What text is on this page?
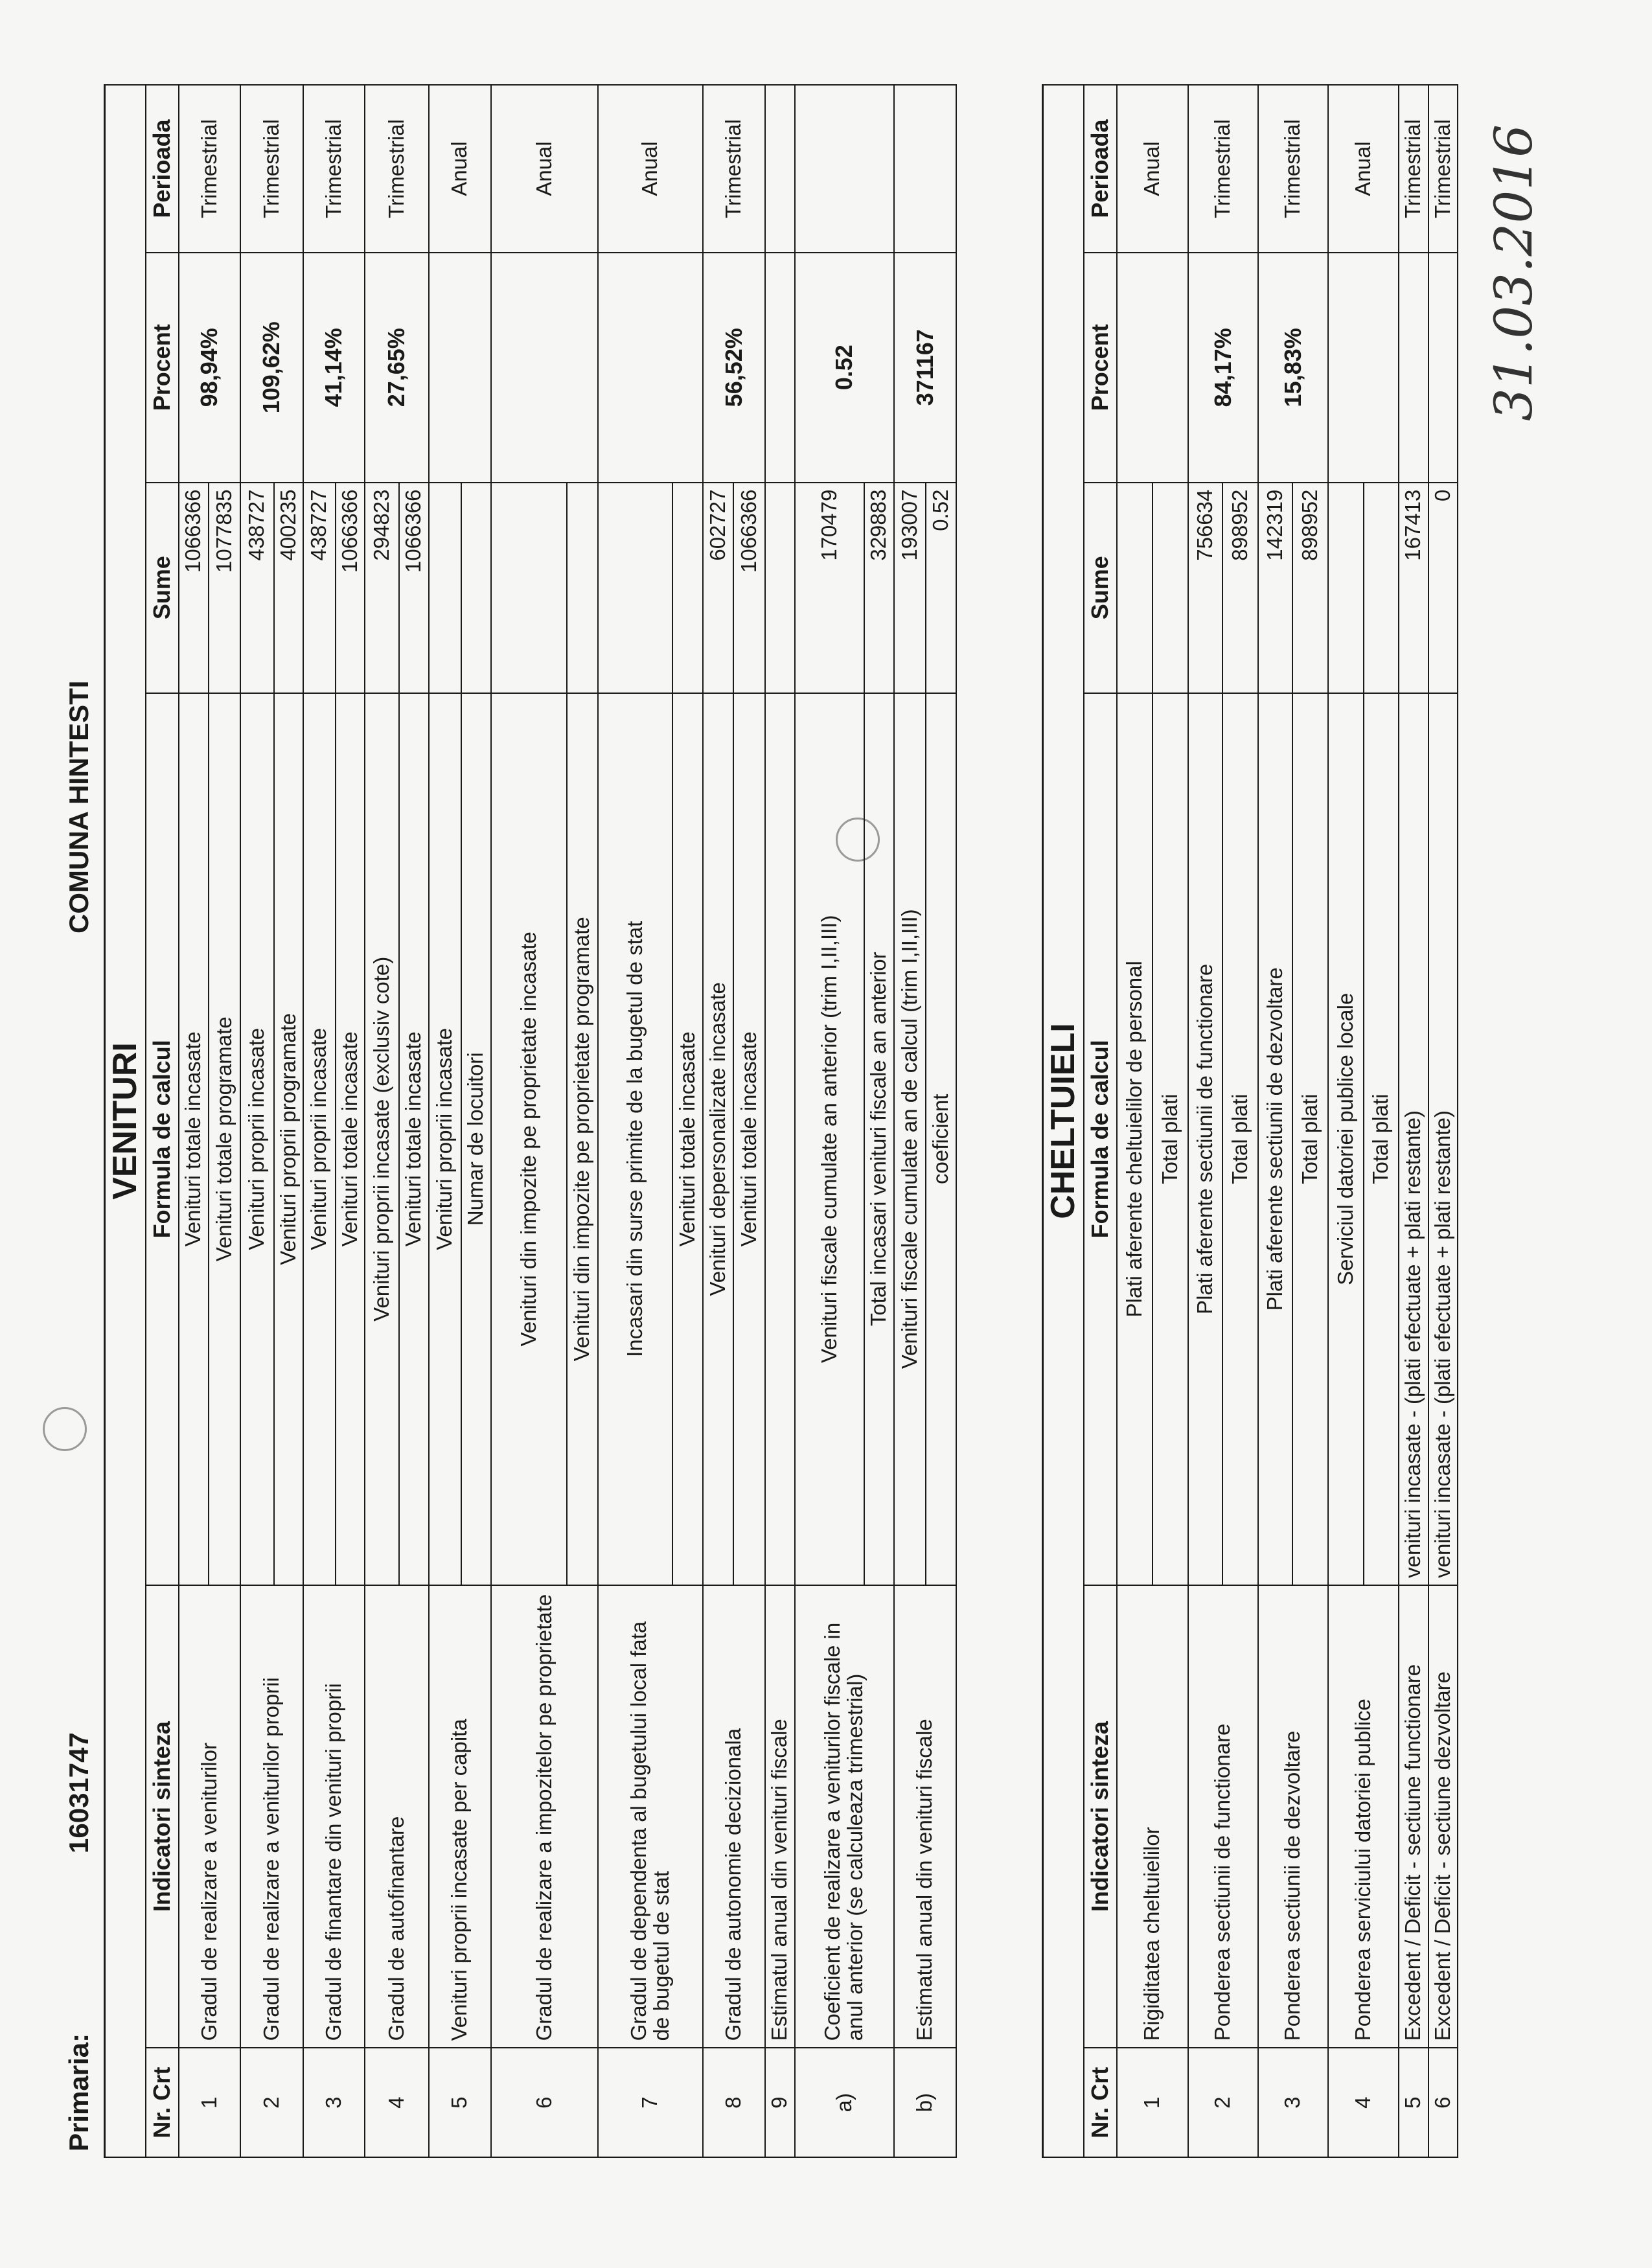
31.03.2016
Primaria:
16031747
COMUNA HINTESTI
VENITURI					
Nr. Crt	Indicatori sinteza	Formula de calcul	Sume	Procent	Perioada
1	Gradul de realizare a veniturilor	Venituri totale incasate	1066366	98,94%	Trimestrial
		Venituri totale programate	1077835		
2	Gradul de realizare a veniturilor proprii	Venituri proprii incasate	438727	109,62%	Trimestrial
		Venituri proprii programate	400235		
3	Gradul de finantare din venituri proprii	Venituri proprii incasate	438727	41,14%	Trimestrial
		Venituri totale incasate	1066366		
4	Gradul de autofinantare	Venituri proprii incasate (exclusiv cote)	294823	27,65%	Trimestrial
		Venituri totale incasate	1066366		
5	Venituri proprii incasate per capita	Venituri proprii incasate			Anual
		Numar de locuitori			
6	Gradul de realizare a impozitelor pe proprietate	Venituri din impozite pe proprietate incasate			Anual
		Venituri din impozite pe proprietate programate			
7	Gradul de dependenta al bugetului local fata de bugetul de stat	Incasari din surse primite de la bugetul de stat			Anual
		Venituri totale incasate			
8	Gradul de autonomie decizionala	Venituri depersonalizate incasate	602727	56,52%	Trimestrial
		Venituri totale incasate	1066366		
9	Estimatul anual din venituri fiscale				
a)	Coeficient de realizare a veniturilor fiscale in anul anterior (se calculeaza trimestrial)	Venituri fiscale cumulate an anterior (trim I,II,III)	170479	0.52	
		Total incasari venituri fiscale an anterior	329883		
b)	Estimatul anual din venituri fiscale	Venituri fiscale cumulate an de calcul (trim I,II,III)	193007	371167	
		coeficient	0.52		
CHELTUIELI					
Nr. Crt	Indicatori sinteza	Formula de calcul	Sume	Procent	Perioada
1	Rigiditatea cheltuielilor	Plati aferente cheltuielilor de personal			Anual
		Total plati			
2	Ponderea sectiunii de functionare	Plati aferente sectiunii de functionare	756634	84,17%	Trimestrial
		Total plati	898952		
3	Ponderea sectiunii de dezvoltare	Plati aferente sectiunii de dezvoltare	142319	15,83%	Trimestrial
		Total plati	898952		
4	Ponderea serviciului datoriei publice	Serviciul datoriei publice locale			Anual
		Total plati			
5	Excedent / Deficit - sectiune functionare	venituri incasate - (plati efectuate + plati restante)	167413		Trimestrial
6	Excedent / Deficit - sectiune dezvoltare	venituri incasate - (plati efectuate + plati restante)	0		Trimestrial
